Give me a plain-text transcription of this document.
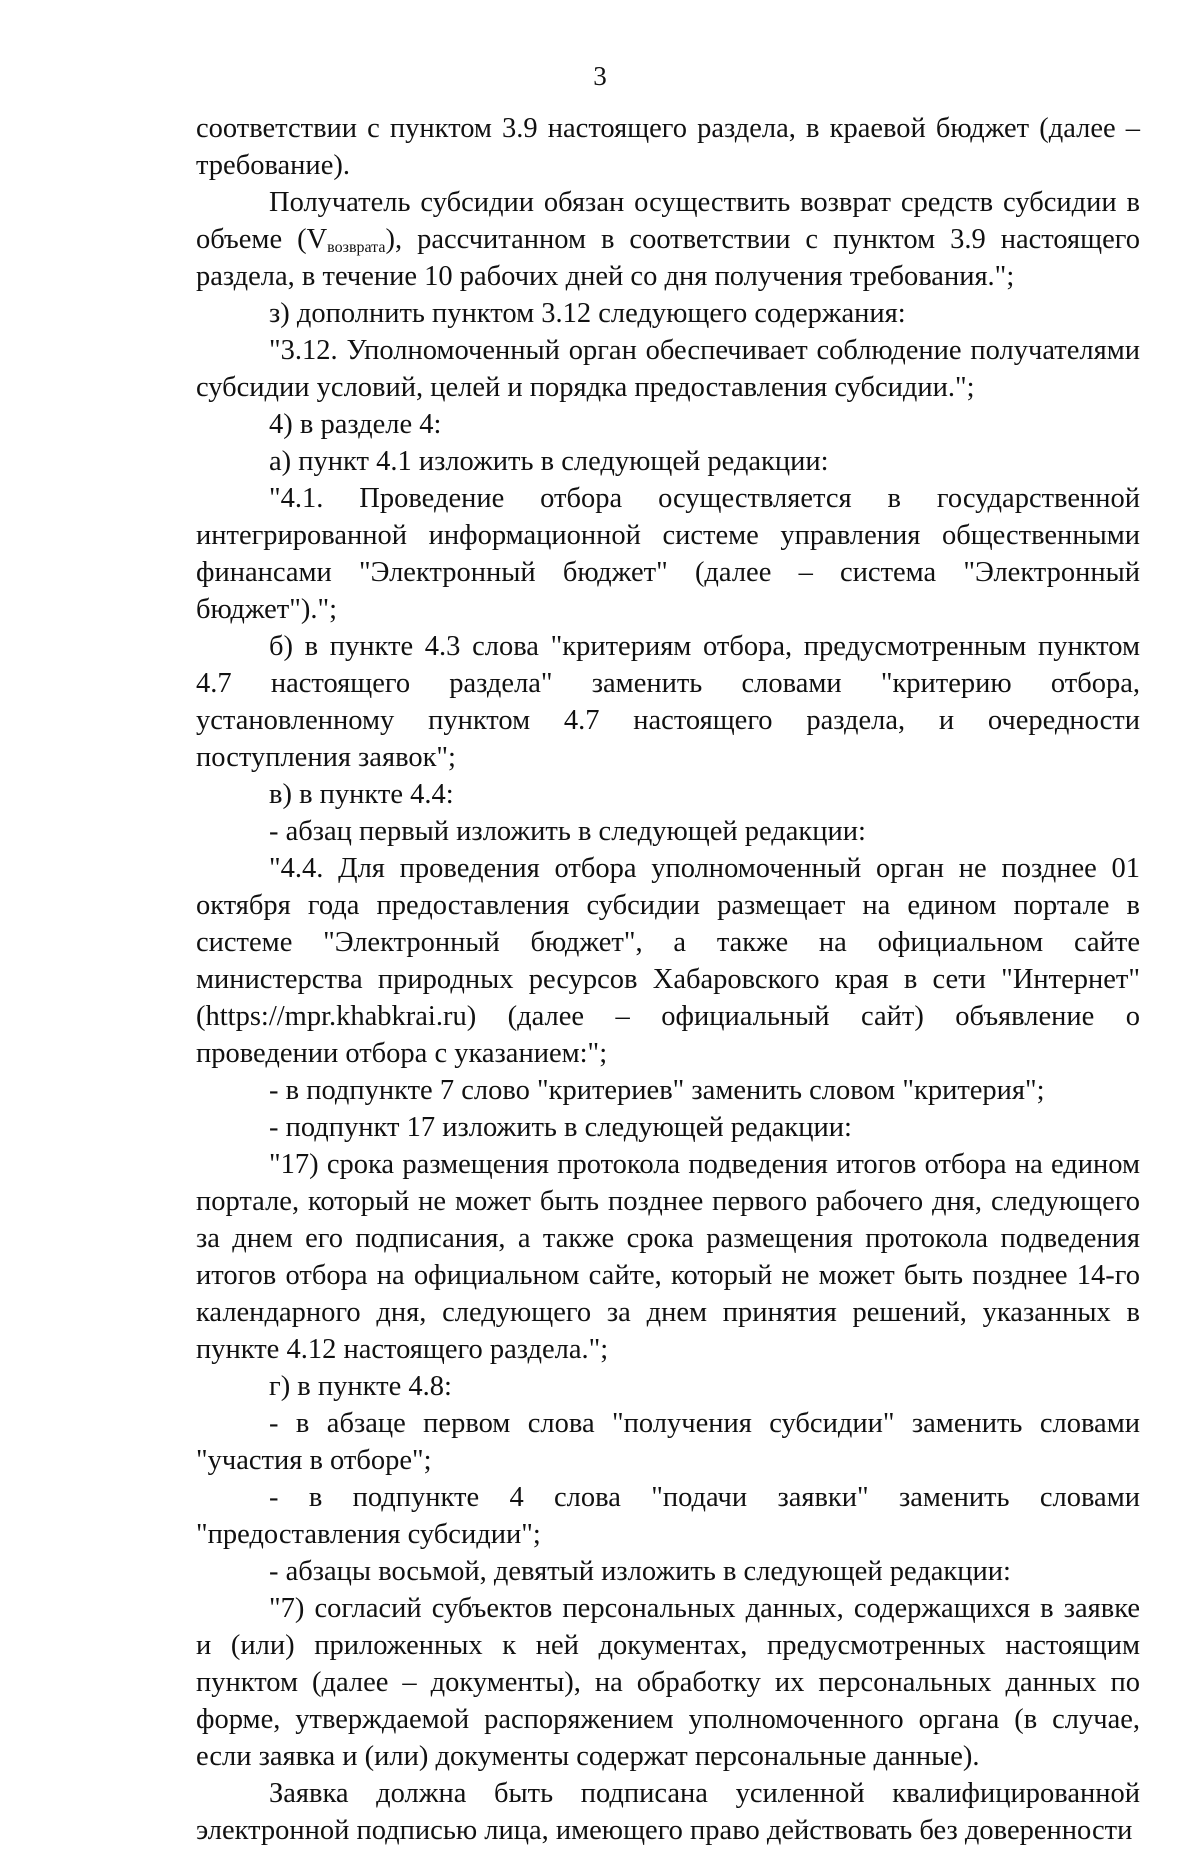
3

соответствии с пунктом 3.9 настоящего раздела, в краевой бюджет (далее – требование).

Получатель субсидии обязан осуществить возврат средств субсидии в объеме $(V_{возврата})$, рассчитанном в соответствии с пунктом 3.9 настоящего раздела, в течение 10 рабочих дней со дня получения требования.";

з) дополнить пунктом 3.12 следующего содержания:

"3.12. Уполномоченный орган обеспечивает соблюдение получателями субсидии условий, целей и порядка предоставления субсидии.";

4) в разделе 4:

а) пункт 4.1 изложить в следующей редакции:

"4.1. Проведение отбора осуществляется в государственной интегрированной информационной системе управления общественными финансами "Электронный бюджет" (далее – система "Электронный бюджет").";

б) в пункте 4.3 слова "критериям отбора, предусмотренным пунктом 4.7 настоящего раздела" заменить словами "критерию отбора, установленному пунктом 4.7 настоящего раздела, и очередности поступления заявок";

в) в пункте 4.4:

- абзац первый изложить в следующей редакции:

"4.4. Для проведения отбора уполномоченный орган не позднее 01 октября года предоставления субсидии размещает на едином портале в системе "Электронный бюджет", а также на официальном сайте министерства природных ресурсов Хабаровского края в сети "Интернет" (https://mpr.khabkrai.ru) (далее – официальный сайт) объявление о проведении отбора с указанием:";

- в подпункте 7 слово "критериев" заменить словом "критерия";

- подпункт 17 изложить в следующей редакции:

"17) срока размещения протокола подведения итогов отбора на едином портале, который не может быть позднее первого рабочего дня, следующего за днем его подписания, а также срока размещения протокола подведения итогов отбора на официальном сайте, который не может быть позднее 14-го календарного дня, следующего за днем принятия решений, указанных в пункте 4.12 настоящего раздела.";

г) в пункте 4.8:

- в абзаце первом слова "получения субсидии" заменить словами "участия в отборе";

- в подпункте 4 слова "подачи заявки" заменить словами "предоставления субсидии";

- абзацы восьмой, девятый изложить в следующей редакции:

"7) согласий субъектов персональных данных, содержащихся в заявке и (или) приложенных к ней документах, предусмотренных настоящим пунктом (далее – документы), на обработку их персональных данных по форме, утверждаемой распоряжением уполномоченного органа (в случае, если заявка и (или) документы содержат персональные данные).

Заявка должна быть подписана усиленной квалифицированной электронной подписью лица, имеющего право действовать без доверенности
